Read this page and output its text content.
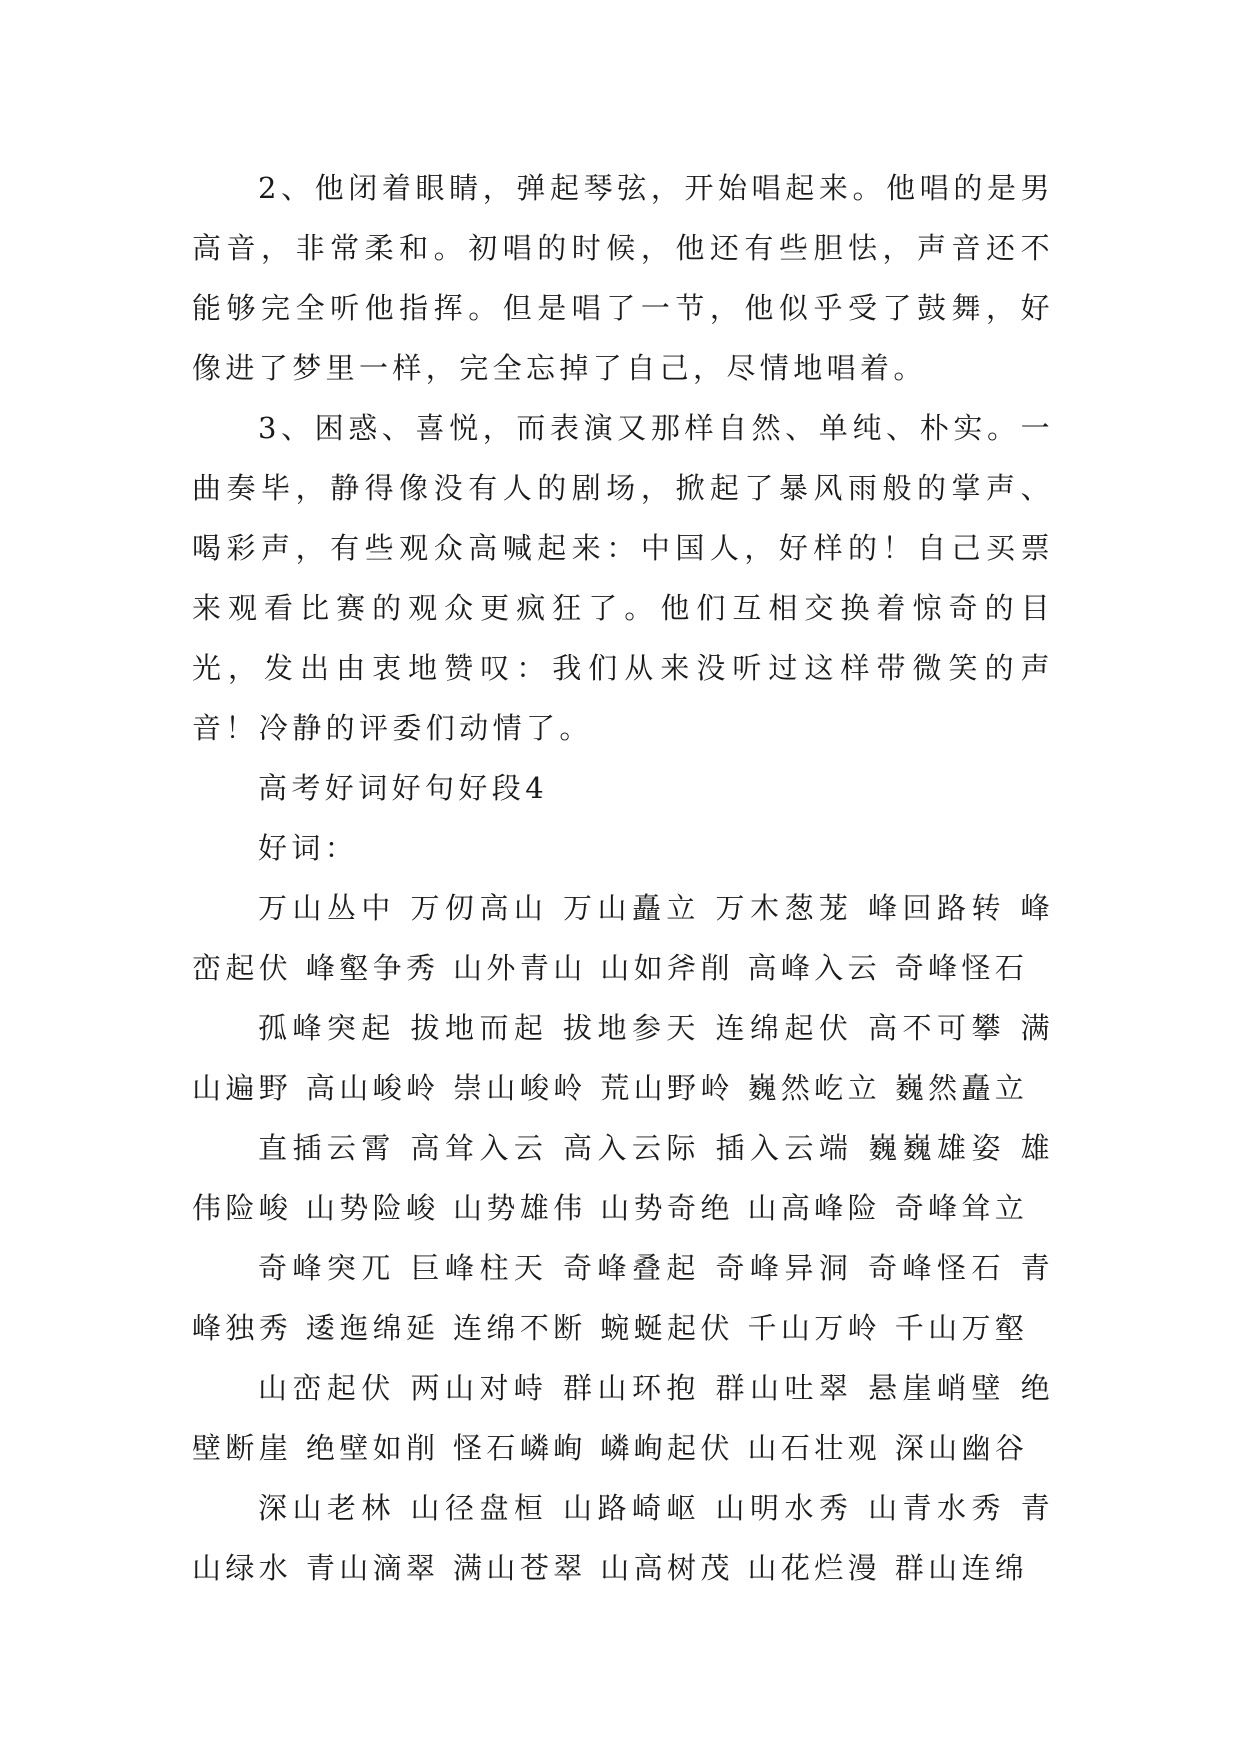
2、他闭着眼睛，弹起琴弦，开始唱起来。他唱的是男高音，非常柔和。初唱的时候，他还有些胆怯，声音还不能够完全听他指挥。但是唱了一节，他似乎受了鼓舞，好像进了梦里一样，完全忘掉了自己，尽情地唱着。

3、困惑、喜悦，而表演又那样自然、单纯、朴实。一曲奏毕，静得像没有人的剧场，掀起了暴风雨般的掌声、喝彩声，有些观众高喊起来：中国人，好样的！自己买票来观看比赛的观众更疯狂了。他们互相交换着惊奇的目光，发出由衷地赞叹：我们从来没听过这样带微笑的声音！冷静的评委们动情了。

高考好词好句好段4
好词：

万山丛中 万仞高山 万山矗立 万木葱茏 峰回路转 峰峦起伏 峰壑争秀 山外青山 山如斧削 高峰入云 奇峰怪石

孤峰突起 拔地而起 拔地参天 连绵起伏 高不可攀 满山遍野 高山峻岭 崇山峻岭 荒山野岭 巍然屹立 巍然矗立

直插云霄 高耸入云 高入云际 插入云端 巍巍雄姿 雄伟险峻 山势险峻 山势雄伟 山势奇绝 山高峰险 奇峰耸立

奇峰突兀 巨峰柱天 奇峰叠起 奇峰异洞 奇峰怪石 青峰独秀 逶迤绵延 连绵不断 蜿蜒起伏 千山万岭 千山万壑

山峦起伏 两山对峙 群山环抱 群山吐翠 悬崖峭壁 绝壁断崖 绝壁如削 怪石嶙峋 嶙峋起伏 山石壮观 深山幽谷

深山老林 山径盘桓 山路崎岖 山明水秀 山青水秀 青山绿水 青山滴翠 满山苍翠 山高树茂 山花烂漫 群山连绵
